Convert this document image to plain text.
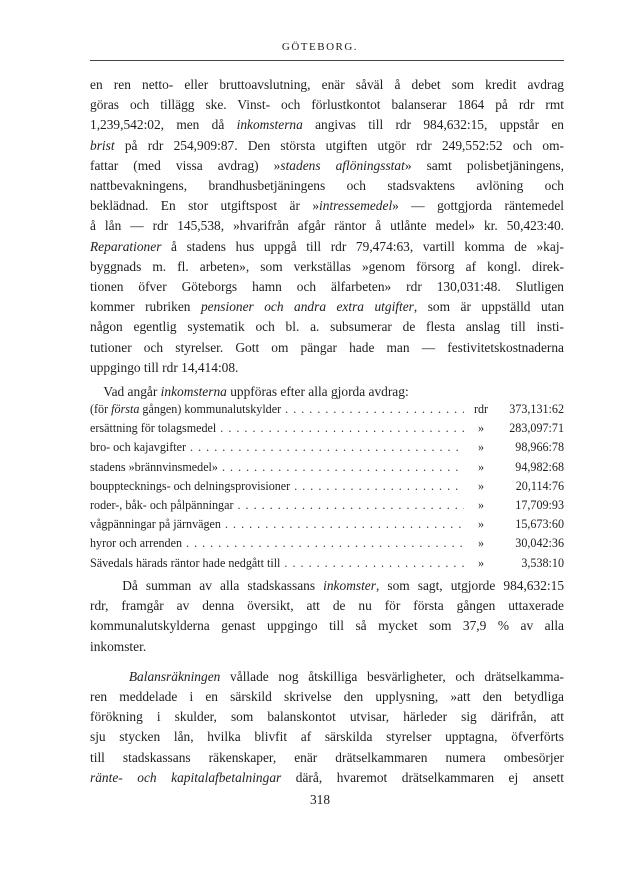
GÖTEBORG.
en ren netto- eller bruttoavslutning, enär såväl å debet som kredit avdrag
göras och tillägg ske. Vinst- och förlustkontot balanserar 1864 på rdr rmt
1,239,542:02, men då inkomsterna angivas till rdr 984,632:15, uppstår en
brist på rdr 254,909:87. Den största utgiften utgör rdr 249,552:52 och om-
fattar (med vissa avdrag) »stadens aflöningsstat» samt polisbetjäningens,
nattbevakningens, brandhusbetjäningens och stadsvaktens avlöning och
beklädnad. En stor utgiftspost är »intressemedel» — gottgjorda räntemedel
å lån — rdr 145,538, »hvarifrån afgår räntor å utlånte medel» kr. 50,423:40.
Reparationer å stadens hus uppgå till rdr 79,474:63, vartill komma de »kaj-
byggnads m. fl. arbeten», som verkställas »genom försorg af kongl. direk-
tionen öfver Göteborgs hamn och älfarbeten» rdr 130,031:48. Slutligen
kommer rubriken pensioner och andra extra utgifter, som är uppställd utan
någon egentlig systematik och bl. a. subsumerar de flesta anslag till insti-
tutioner och styrelser. Gott om pängar hade man — festivitetskostnaderna
uppgingo till rdr 14,414:08.
Vad angår inkomsterna uppföras efter alla gjorda avdrag:
(för första gången) kommunalutskylder . . .	rdr	373,131:62
ersättning för tolagsmedel . . .	»	283,097:71
bro- och kajavgifter . . .	»	98,966:78
stadens »brännvinsmedel» . . .	»	94,982:68
boupptecknings- och delningsprovisioner . . .	»	20,114:76
roder-, båk- och pålpänningar . . .	»	17,709:93
vågpänningar på järnvägen . . .	»	15,673:60
hyror och arrenden . . .	»	30,042:36
Sävedals härads räntor hade nedgått till . . .	»	3,538:10
Då summan av alla stadskassans inkomster, som sagt, utgjorde 984,632:15
rdr, framgår av denna översikt, att de nu för första gången uttaxerade
kommunalutskylderna genast uppgingo till så mycket som 37,9 % av alla
inkomster.
Balansräkningen vållade nog åtskilliga besvärligheter, och drätselkamma-
ren meddelade i en särskild skrivelse den upplysning, »att den betydliga
förökning i skulder, som balanskontot utvisar, härleder sig därifrån, att
sju stycken lån, hvilka blivfit af särskilda styrelser upptagna, öfverförts
till stadskassans räkenskaper, enär drätselkammaren numera ombesörjer
ränte- och kapitalafbetalningar därå, hvaremot drätselkammaren ej ansett
318
